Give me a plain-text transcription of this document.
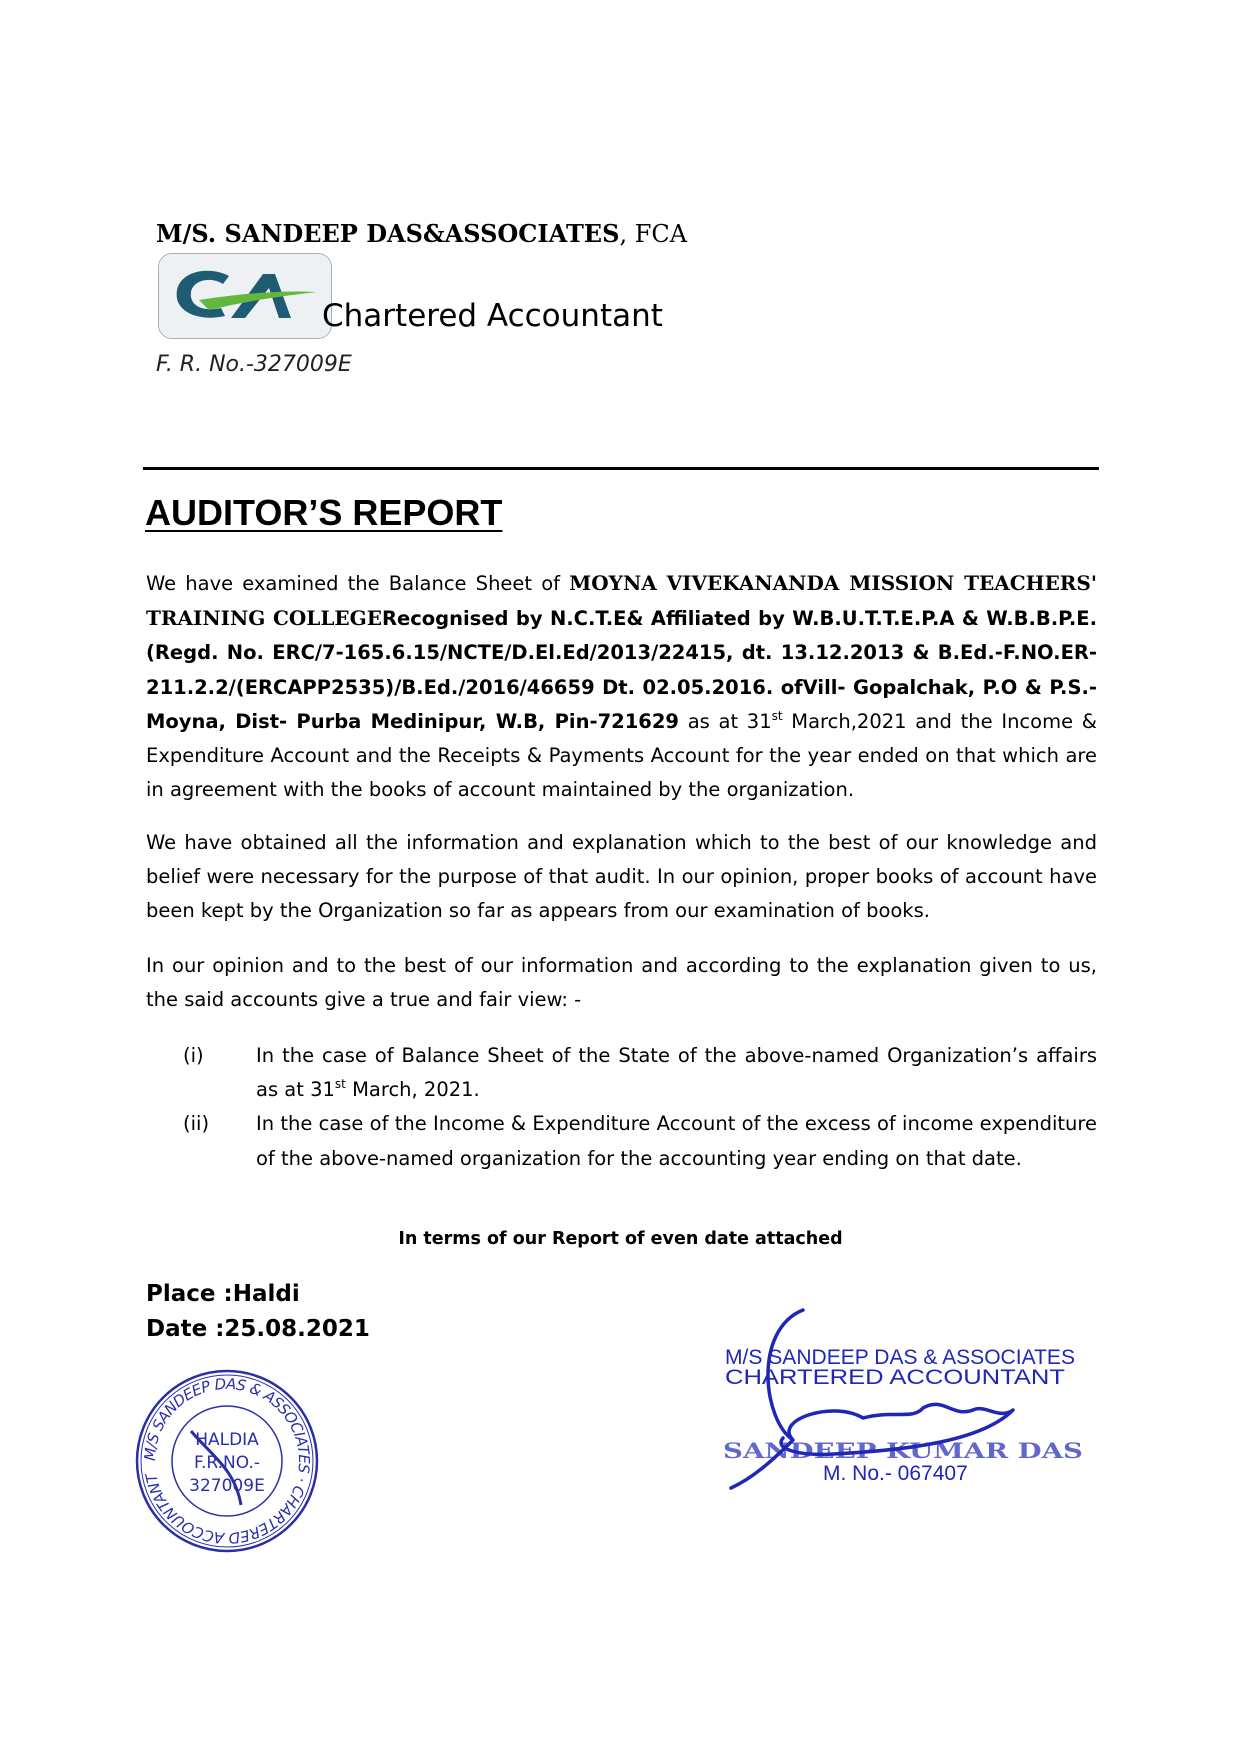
M/S. SANDEEP DAS&ASSOCIATES, FCA
Chartered Accountant
F. R. No.-327009E
AUDITOR’S REPORT
We have examined the Balance Sheet of MOYNA VIVEKANANDA MISSION TEACHERS' TRAINING COLLEGERecognised by N.C.T.E& Affiliated by W.B.U.T.T.E.P.A & W.B.B.P.E.(Regd. No. ERC/7-165.6.15/NCTE/D.El.Ed/2013/22415, dt. 13.12.2013 & B.Ed.-F.NO.ER-211.2.2/(ERCAPP2535)/B.Ed./2016/46659 Dt. 02.05.2016. ofVill- Gopalchak, P.O & P.S.- Moyna, Dist- Purba Medinipur, W.B, Pin-721629 as at 31st March,2021 and the Income & Expenditure Account and the Receipts & Payments Account for the year ended on that which are in agreement with the books of account maintained by the organization.
We have obtained all the information and explanation which to the best of our knowledge and belief were necessary for the purpose of that audit. In our opinion, proper books of account have been kept by the Organization so far as appears from our examination of books.
In our opinion and to the best of our information and according to the explanation given to us, the said accounts give a true and fair view: -
(i)	In the case of Balance Sheet of the State of the above-named Organization’s affairs as at 31st March, 2021.
(ii) In the case of the Income & Expenditure Account of the excess of income expenditure of the above-named organization for the accounting year ending on that date.
In terms of our Report of even date attached
Place :Haldi
Date :25.08.2021
M/S SANDEEP DAS & ASSOCIATES · CHARTERED ACCOUNTANT
HALDIA
F.R.NO.-
327009E
M/S SANDEEP DAS & ASSOCIATES
CHARTERED ACCOUNTANT
SANDEEP KUMAR DAS
M. No.- 067407
